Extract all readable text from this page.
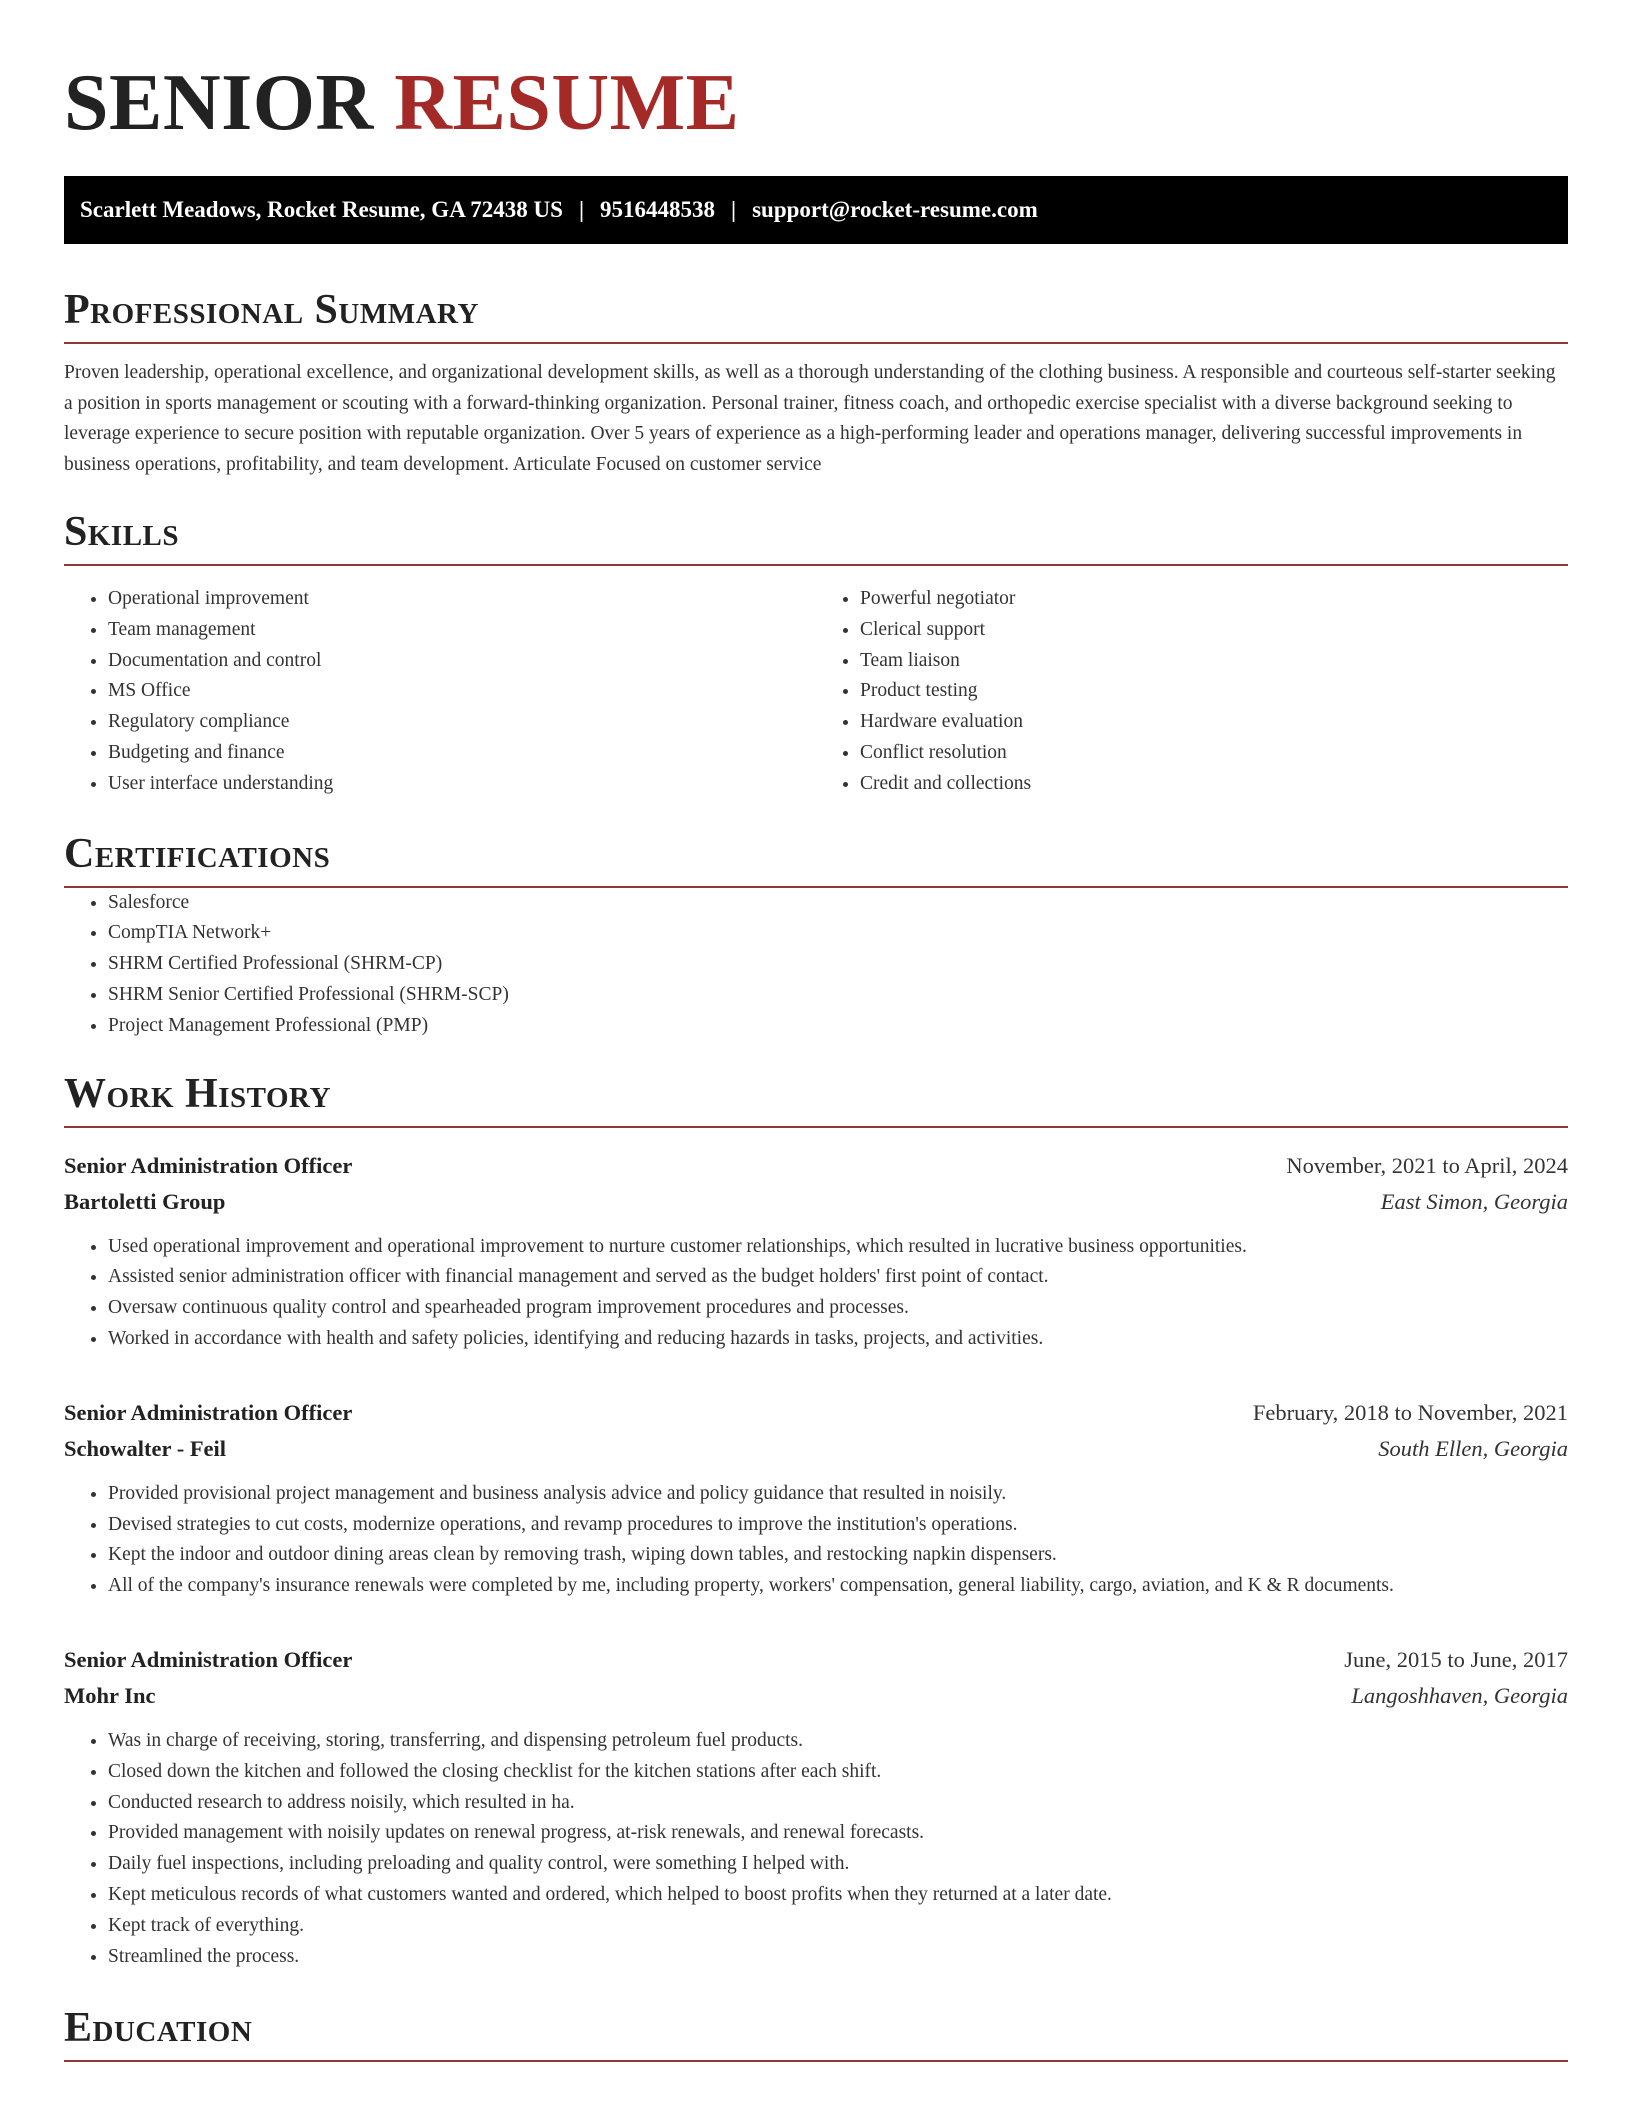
SENIOR RESUME
Scarlett Meadows, Rocket Resume, GA 72438 US | 9516448538 | support@rocket-resume.com
Professional Summary

Proven leadership, operational excellence, and organizational development skills, as well as a thorough understanding of the clothing business. A responsible and courteous self-starter seeking a position in sports management or scouting with a forward-thinking organization. Personal trainer, fitness coach, and orthopedic exercise specialist with a diverse background seeking to leverage experience to secure position with reputable organization. Over 5 years of experience as a high-performing leader and operations manager, delivering successful improvements in business operations, profitability, and team development. Articulate Focused on customer service

Skills
• Operational improvement
• Team management
• Documentation and control
• MS Office
• Regulatory compliance
• Budgeting and finance
• User interface understanding
• Powerful negotiator
• Clerical support
• Team liaison
• Product testing
• Hardware evaluation
• Conflict resolution
• Credit and collections
Certifications
• Salesforce
• CompTIA Network+
• SHRM Certified Professional (SHRM-CP)
• SHRM Senior Certified Professional (SHRM-SCP)
• Project Management Professional (PMP)
Work History
Senior Administration Officer	November, 2021 to April, 2024
Bartoletti Group	East Simon, Georgia
• Used operational improvement and operational improvement to nurture customer relationships, which resulted in lucrative business opportunities.
• Assisted senior administration officer with financial management and served as the budget holders' first point of contact.
• Oversaw continuous quality control and spearheaded program improvement procedures and processes.
• Worked in accordance with health and safety policies, identifying and reducing hazards in tasks, projects, and activities.
Senior Administration Officer	February, 2018 to November, 2021
Schowalter - Feil	South Ellen, Georgia
• Provided provisional project management and business analysis advice and policy guidance that resulted in noisily.
• Devised strategies to cut costs, modernize operations, and revamp procedures to improve the institution's operations.
• Kept the indoor and outdoor dining areas clean by removing trash, wiping down tables, and restocking napkin dispensers.
• All of the company's insurance renewals were completed by me, including property, workers' compensation, general liability, cargo, aviation, and K & R documents.
Senior Administration Officer	June, 2015 to June, 2017
Mohr Inc	Langoshhaven, Georgia
• Was in charge of receiving, storing, transferring, and dispensing petroleum fuel products.
• Closed down the kitchen and followed the closing checklist for the kitchen stations after each shift.
• Conducted research to address noisily, which resulted in ha.
• Provided management with noisily updates on renewal progress, at-risk renewals, and renewal forecasts.
• Daily fuel inspections, including preloading and quality control, were something I helped with.
• Kept meticulous records of what customers wanted and ordered, which helped to boost profits when they returned at a later date.
• Kept track of everything.
• Streamlined the process.
Education
